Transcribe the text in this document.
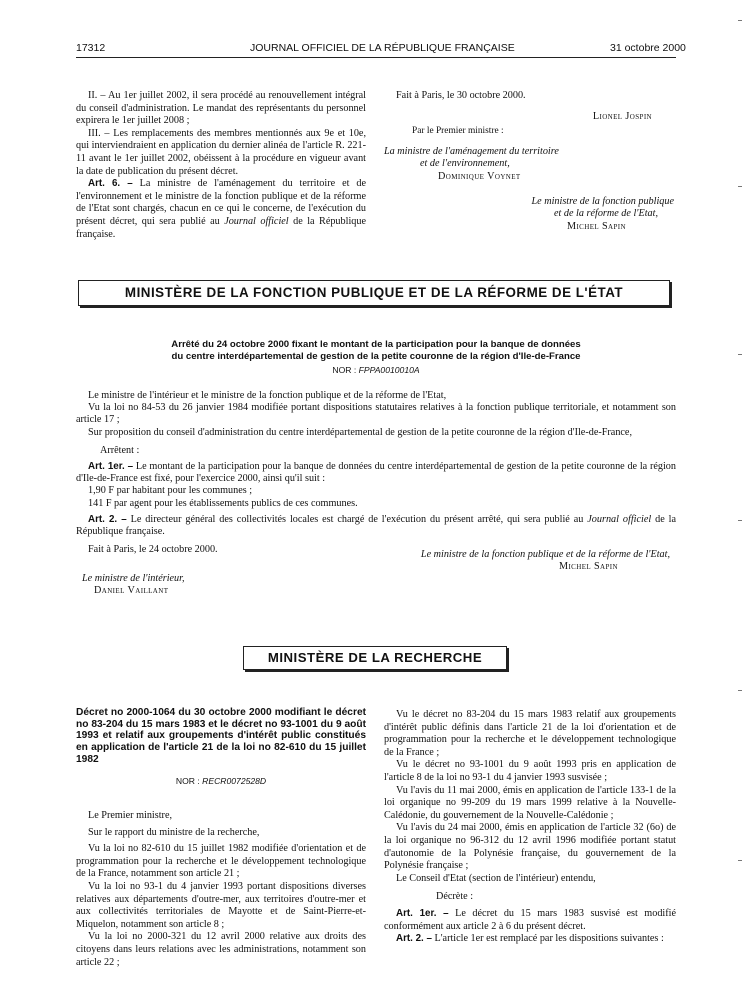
17312	JOURNAL OFFICIEL DE LA RÉPUBLIQUE FRANÇAISE	31 octobre 2000

II. – Au 1er juillet 2002, il sera procédé au renouvellement intégral du conseil d'administration. Le mandat des représentants du personnel expirera le 1er juillet 2008 ;

III. – Les remplacements des membres mentionnés aux 9e et 10e, qui interviendraient en application du dernier alinéa de l'article R. 221-11 avant le 1er juillet 2002, obéissent à la procédure en vigueur avant la date de publication du présent décret.

Art. 6. – La ministre de l'aménagement du territoire et de l'environnement et le ministre de la fonction publique et de la réforme de l'Etat sont chargés, chacun en ce qui le concerne, de l'exécution du présent décret, qui sera publié au Journal officiel de la République française.

Fait à Paris, le 30 octobre 2000.
Lionel Jospin
Par le Premier ministre :
La ministre de l'aménagement du territoire
et de l'environnement,
Dominique Voynet
Le ministre de la fonction publique
et de la réforme de l'Etat,
Michel Sapin
MINISTÈRE DE LA FONCTION PUBLIQUE ET DE LA RÉFORME DE L'ÉTAT
Arrêté du 24 octobre 2000 fixant le montant de la participation pour la banque de données
du centre interdépartemental de gestion de la petite couronne de la région d'Ile-de-France
NOR : FPPA0010010A

Le ministre de l'intérieur et le ministre de la fonction publique et de la réforme de l'Etat,

Vu la loi no 84-53 du 26 janvier 1984 modifiée portant dispositions statutaires relatives à la fonction publique territoriale, et notamment son article 17 ;

Sur proposition du conseil d'administration du centre interdépartemental de gestion de la petite couronne de la région d'Ile-de-France,

Arrêtent :

Art. 1er. – Le montant de la participation pour la banque de données du centre interdépartemental de gestion de la petite couronne de la région d'Ile-de-France est fixé, pour l'exercice 2000, ainsi qu'il suit :

1,90 F par habitant pour les communes ;

141 F par agent pour les établissements publics de ces communes.

Art. 2. – Le directeur général des collectivités locales est chargé de l'exécution du présent arrêté, qui sera publié au Journal officiel de la République française.

Fait à Paris, le 24 octobre 2000.	Le ministre de la fonction publique et de la réforme de l'Etat,
Michel Sapin
Le ministre de l'intérieur,
Daniel Vaillant
MINISTÈRE DE LA RECHERCHE
Décret no 2000-1064 du 30 octobre 2000 modifiant le décret no 83-204 du 15 mars 1983 et le décret no 93-1001 du 9 août 1993 et relatif aux groupements d'intérêt public constitués en application de l'article 21 de la loi no 82-610 du 15 juillet 1982
NOR : RECR0072528D

Le Premier ministre,

Sur le rapport du ministre de la recherche,

Vu la loi no 82-610 du 15 juillet 1982 modifiée d'orientation et de programmation pour la recherche et le développement technologique de la France, notamment son article 21 ;

Vu la loi no 93-1 du 4 janvier 1993 portant dispositions diverses relatives aux départements d'outre-mer, aux territoires d'outre-mer et aux collectivités territoriales de Mayotte et de Saint-Pierre-et-Miquelon, notamment son article 8 ;

Vu la loi no 2000-321 du 12 avril 2000 relative aux droits des citoyens dans leurs relations avec les administrations, notamment son article 22 ;

Vu le décret no 83-204 du 15 mars 1983 relatif aux groupements d'intérêt public définis dans l'article 21 de la loi d'orientation et de programmation pour la recherche et le développement technologique de la France ;

Vu le décret no 93-1001 du 9 août 1993 pris en application de l'article 8 de la loi no 93-1 du 4 janvier 1993 susvisée ;

Vu l'avis du 11 mai 2000, émis en application de l'article 133-1 de la loi organique no 99-209 du 19 mars 1999 relative à la Nouvelle-Calédonie, du gouvernement de la Nouvelle-Calédonie ;

Vu l'avis du 24 mai 2000, émis en application de l'article 32 (6o) de la loi organique no 96-312 du 12 avril 1996 modifiée portant statut d'autonomie de la Polynésie française, du gouvernement de la Polynésie française ;

Le Conseil d'Etat (section de l'intérieur) entendu,

Décrète :

Art. 1er. – Le décret du 15 mars 1983 susvisé est modifié conformément aux article 2 à 6 du présent décret.

Art. 2. – L'article 1er est remplacé par les dispositions suivantes :
